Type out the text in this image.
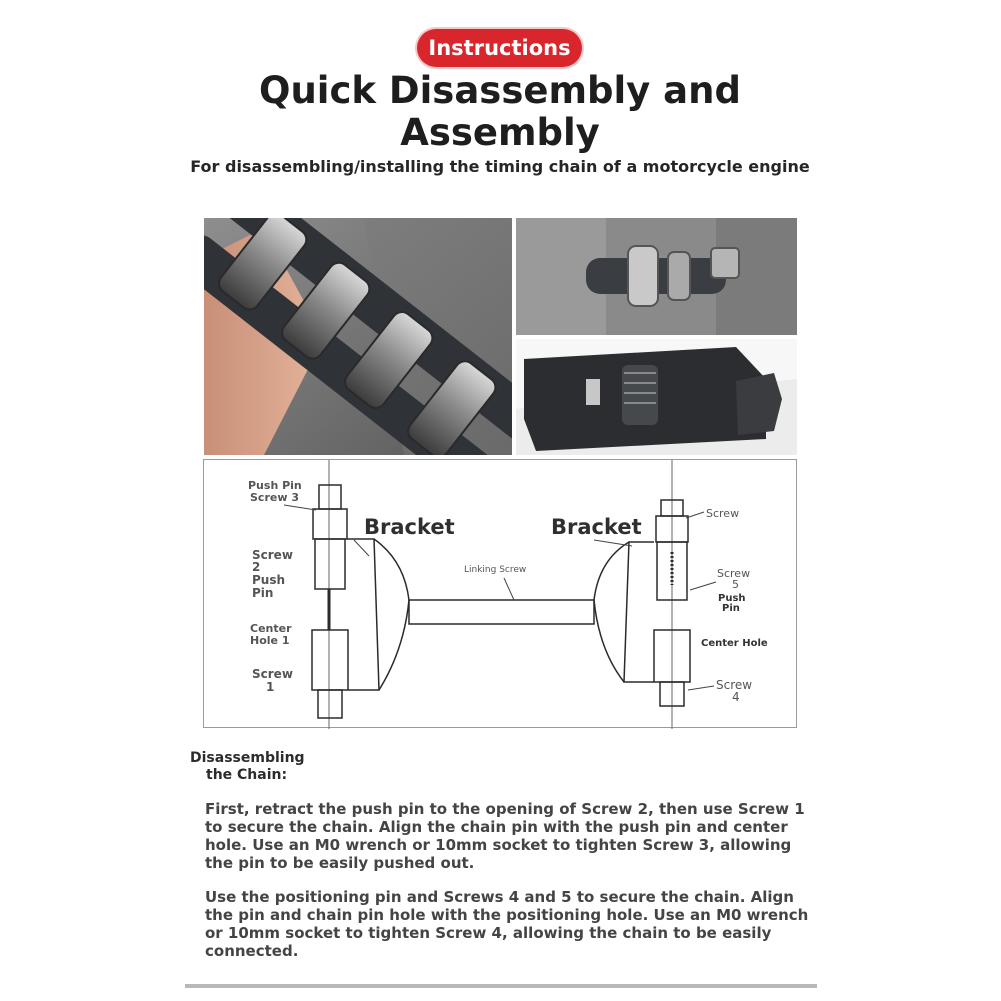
Instructions
Quick Disassembly and
Assembly
For disassembling/installing the timing chain of a motorcycle engine
Push Pin
Screw 3
Screw
2
Push
Pin
Center
Hole 1
Screw
1
Bracket	Bracket
Linking Screw
Screw
Screw
5
Push
Pin
Center Hole
Screw
4
Disassembling
the Chain:
First, retract the push pin to the opening of Screw 2, then use Screw 1 to secure the chain. Align the chain pin with the push pin and center hole. Use an M0 wrench or 10mm socket to tighten Screw 3, allowing the pin to be easily pushed out.
Use the positioning pin and Screws 4 and 5 to secure the chain. Align the pin and chain pin hole with the positioning hole. Use an M0 wrench or 10mm socket to tighten Screw 4, allowing the chain to be easily connected.
